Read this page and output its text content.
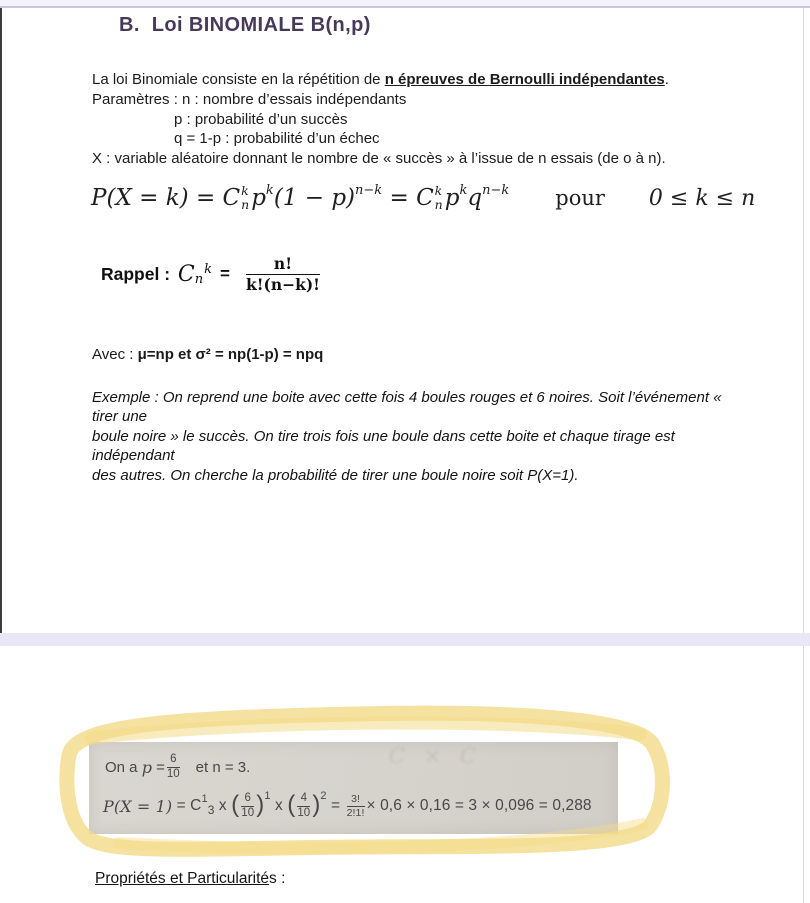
B.  Loi BINOMIALE B(n,p)
La loi Binomiale consiste en la répétition de n épreuves de Bernoulli indépendantes.
Paramètres : n : nombre d’essais indépendants
p : probabilité d’un succès
q = 1-p : probabilité d’un échec
X : variable aléatoire donnant le nombre de « succès » à l’issue de n essais (de o à n).
P(X = k) = C k
n p k (1 − p) n−k = C k
n p k q n−k pour 0 ≤ k ≤ n
Rappel : C n
$k = \frac{n!}{k!(n-k)!}$
Avec : μ=np et σ² = np(1-p) = npq
Exemple : On reprend une boite avec cette fois 4 boules rouges et 6 noires. Soit l’événement «
tirer une
boule noire » le succès. On tire trois fois une boule dans cette boite et chaque tirage est
indépendant
des autres. On cherche la probabilité de tirer une boule noire soit P(X=1).
C × C
On a $p = \frac{6}{10}$ et n = 3.
P(X = 1) = C 1
3 x ( $\frac{6}{10}$ ) 1
x ( $\frac{4}{10}$ ) 2
= $\frac{3!}{2!1!} \times 0,6 \times 0,16 = 3 \times 0,096 = 0,288$
Propriétés et Particularités :
